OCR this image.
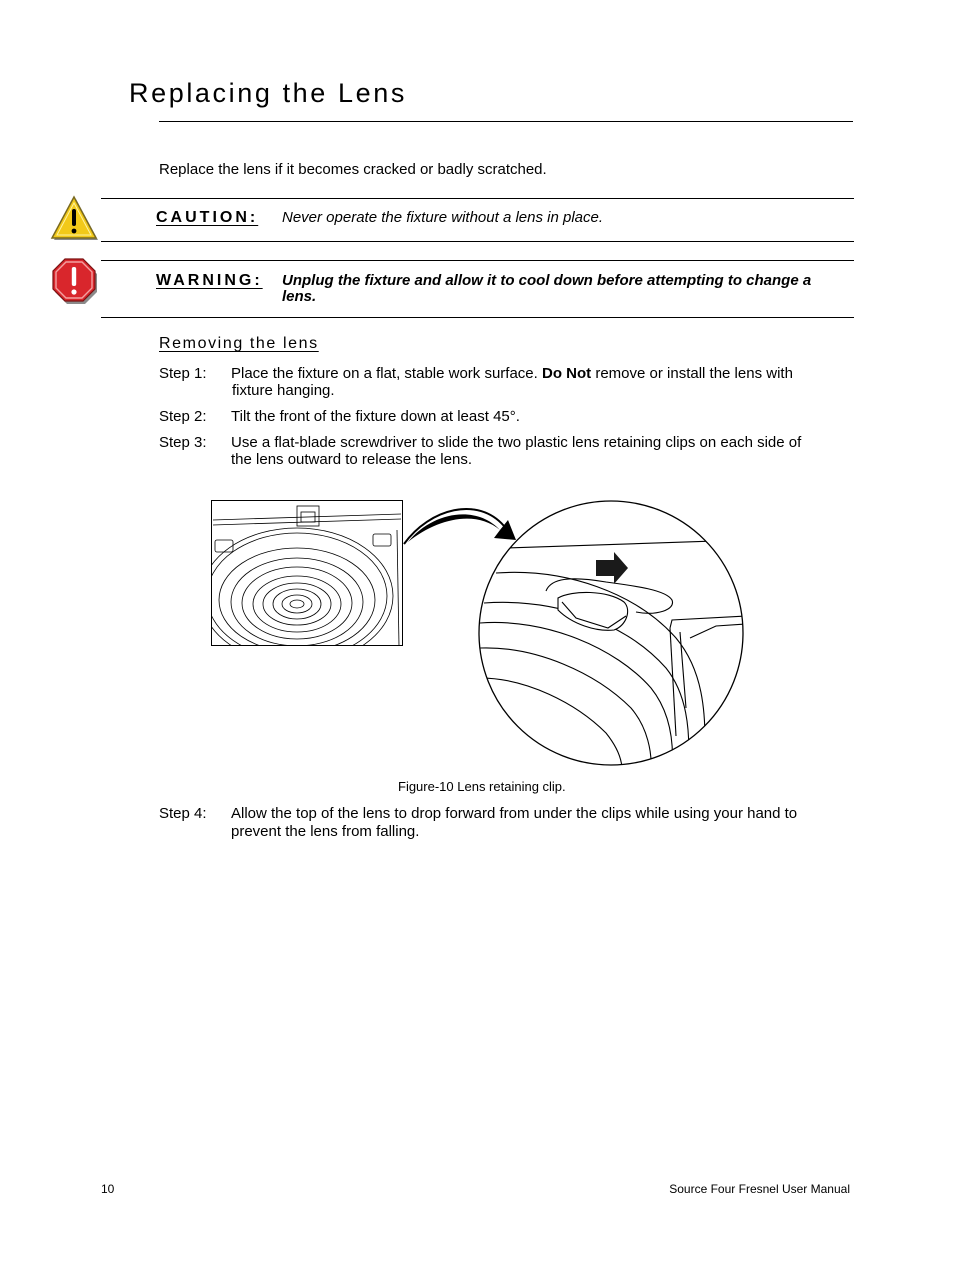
Replacing the Lens
Replace the lens if it becomes cracked or badly scratched.
CAUTION: Never operate the fixture without a lens in place.
WARNING: Unplug the fixture and allow it to cool down before attempting to change a
lens.
Removing the lens
Step 1: Place the fixture on a flat, stable work surface. Do Not remove or install the lens with
fixture hanging.
Step 2: Tilt the front of the fixture down at least 45°.
Step 3: Use a flat-blade screwdriver to slide the two plastic lens retaining clips on each side of
the lens outward to release the lens.
Figure-10 Lens retaining clip.
Step 4: Allow the top of the lens to drop forward from under the clips while using your hand to
prevent the lens from falling.
10	Source Four Fresnel User Manual
